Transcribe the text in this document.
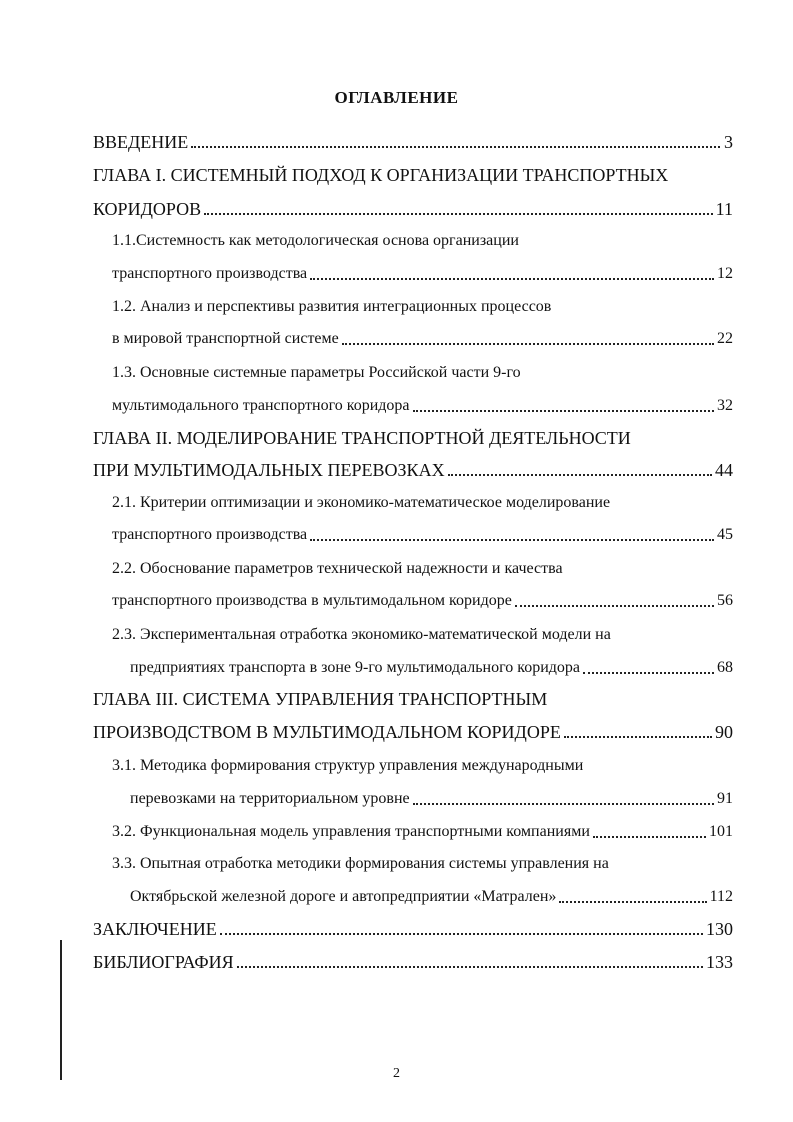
ОГЛАВЛЕНИЕ
ВВЕДЕНИЕ	3
ГЛАВА I. СИСТЕМНЫЙ ПОДХОД К ОРГАНИЗАЦИИ ТРАНСПОРТНЫХ
КОРИДОРОВ	11
1.1.Системность как методологическая основа организации
транспортного производства	12
1.2. Анализ и перспективы развития интеграционных процессов
в мировой транспортной системе	22
1.3. Основные системные параметры Российской части 9-го
мультимодального транспортного коридора	32
ГЛАВА II. МОДЕЛИРОВАНИЕ ТРАНСПОРТНОЙ ДЕЯТЕЛЬНОСТИ
ПРИ МУЛЬТИМОДАЛЬНЫХ ПЕРЕВОЗКАХ	44
2.1. Критерии оптимизации и экономико-математическое моделирование
транспортного производства	45
2.2. Обоснование параметров технической надежности и качества
транспортного производства в мультимодальном коридоре	56
2.3. Экспериментальная отработка экономико-математической модели на
предприятиях транспорта в зоне 9-го мультимодального коридора	68
ГЛАВА III. СИСТЕМА УПРАВЛЕНИЯ ТРАНСПОРТНЫМ
ПРОИЗВОДСТВОМ В МУЛЬТИМОДАЛЬНОМ КОРИДОРЕ	90
3.1. Методика формирования структур управления международными
перевозками на территориальном уровне	91
3.2. Функциональная модель управления транспортными компаниями	101
3.3. Опытная отработка методики формирования системы управления на
Октябрьской железной дороге и автопредприятии «Матрален»	112
ЗАКЛЮЧЕНИЕ	130
БИБЛИОГРАФИЯ	133
2
